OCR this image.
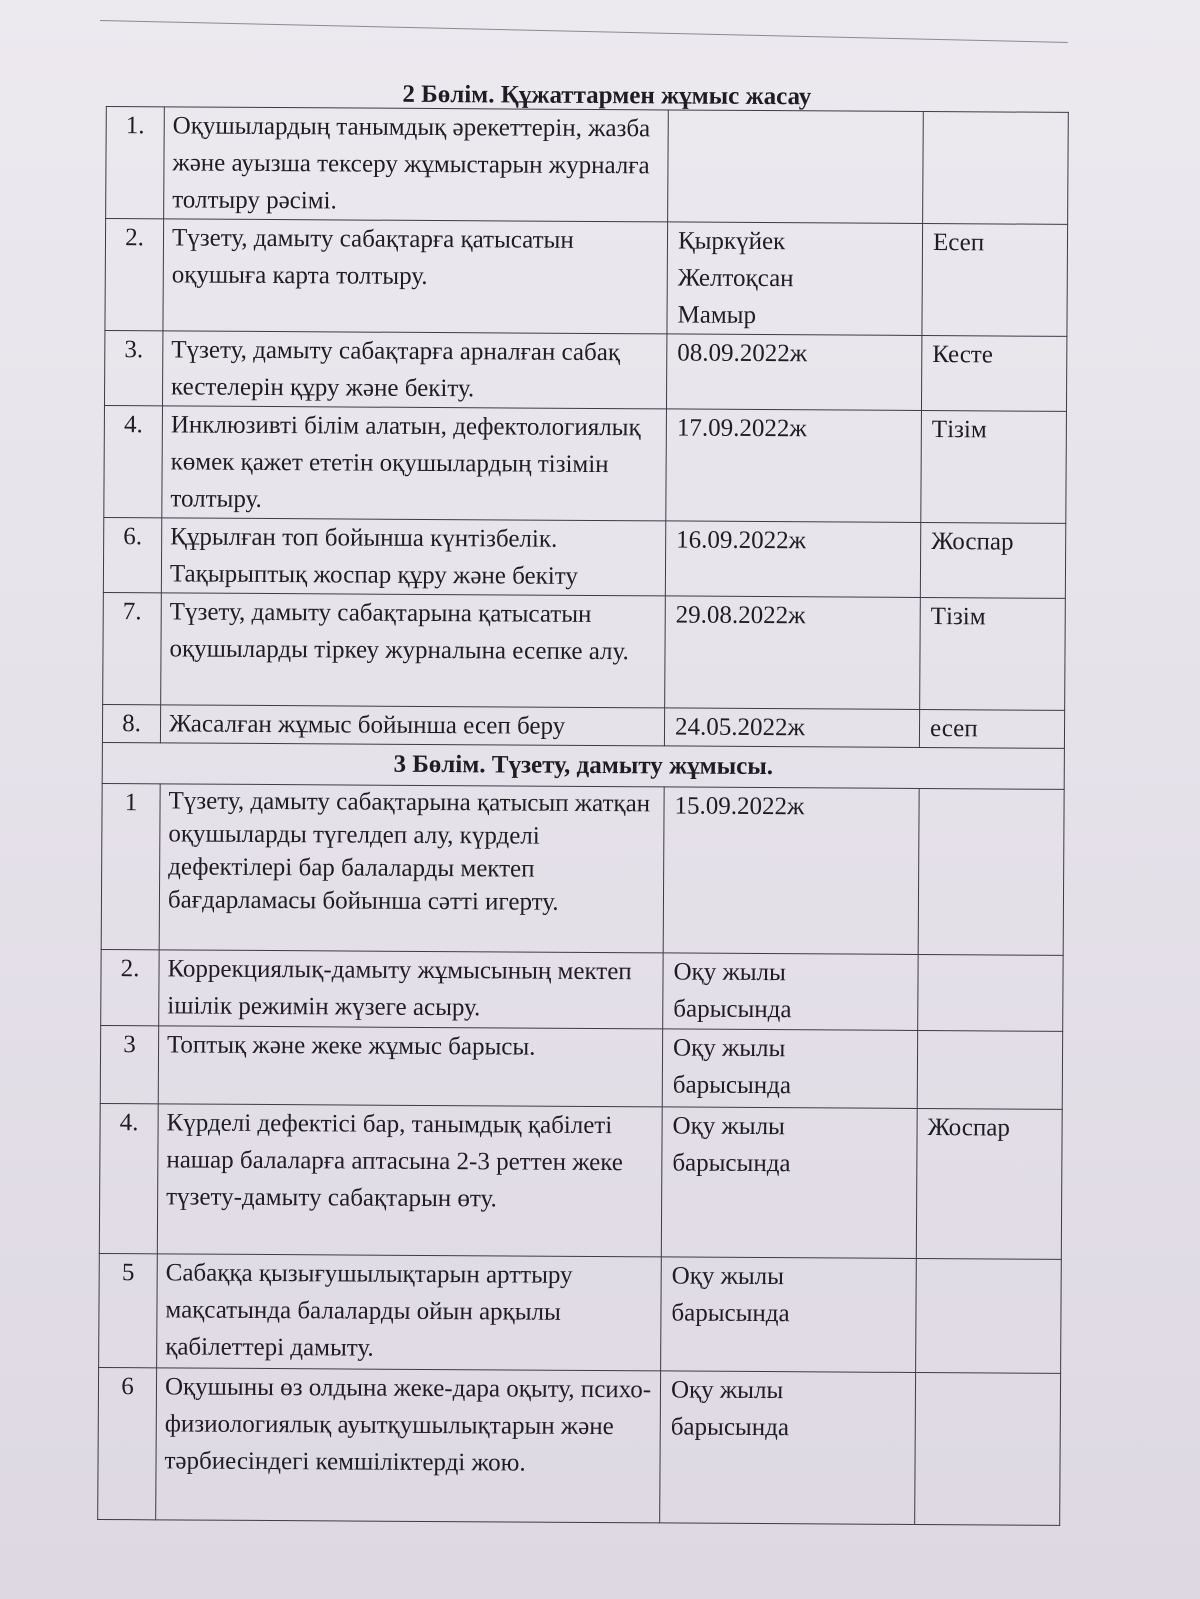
2 Бөлім. Құжаттармен жұмыс жасау
1.	Оқушылардың танымдық әрекеттерін, жазба және ауызша тексеру жұмыстарын журналға толтыру рәсімі.		
2.	Түзету, дамыту сабақтарға қатысатын оқушыға карта толтыру.	Қыркүйек
Желтоқсан
Мамыр	Есеп
3.	Түзету, дамыту сабақтарға арналған сабақ кестелерін құру және бекіту.	08.09.2022ж	Кесте
4.	Инклюзивті білім алатын, дефектологиялық көмек қажет ететін оқушылардың тізімін толтыру.	17.09.2022ж	Тізім
6.	Құрылған топ бойынша күнтізбелік. Тақырыптық жоспар құру және бекіту	16.09.2022ж	Жоспар
7.	Түзету, дамыту сабақтарына қатысатын оқушыларды тіркеу журналына есепке алу.	29.08.2022ж	Тізім
8.	Жасалған жұмыс бойынша есеп беру	24.05.2022ж	есеп
3 Бөлім. Түзету, дамыту жұмысы.			
1	Түзету, дамыту сабақтарына қатысып жатқан оқушыларды түгелдеп алу, күрделі дефектілері бар балаларды мектеп бағдарламасы бойынша сәтті игерту.	15.09.2022ж	
2.	Коррекциялық-дамыту жұмысының мектеп ішілік режимін жүзеге асыру.	Оқу жылы
барысында	
3	Топтық және жеке жұмыс барысы.	Оқу жылы
барысында	
4.	Күрделі дефектісі бар, танымдық қабілеті нашар балаларға аптасына 2-3 реттен жеке түзету-дамыту сабақтарын өту.	Оқу жылы
барысында	Жоспар
5	Сабаққа қызығушылықтарын арттыру мақсатында балаларды ойын арқылы қабілеттері дамыту.	Оқу жылы
барысында	
6	Оқушыны өз олдына жеке-дара оқыту, психо-физиологиялық ауытқушылықтарын және тәрбиесіндегі кемшіліктерді жою.	Оқу жылы
барысында	
